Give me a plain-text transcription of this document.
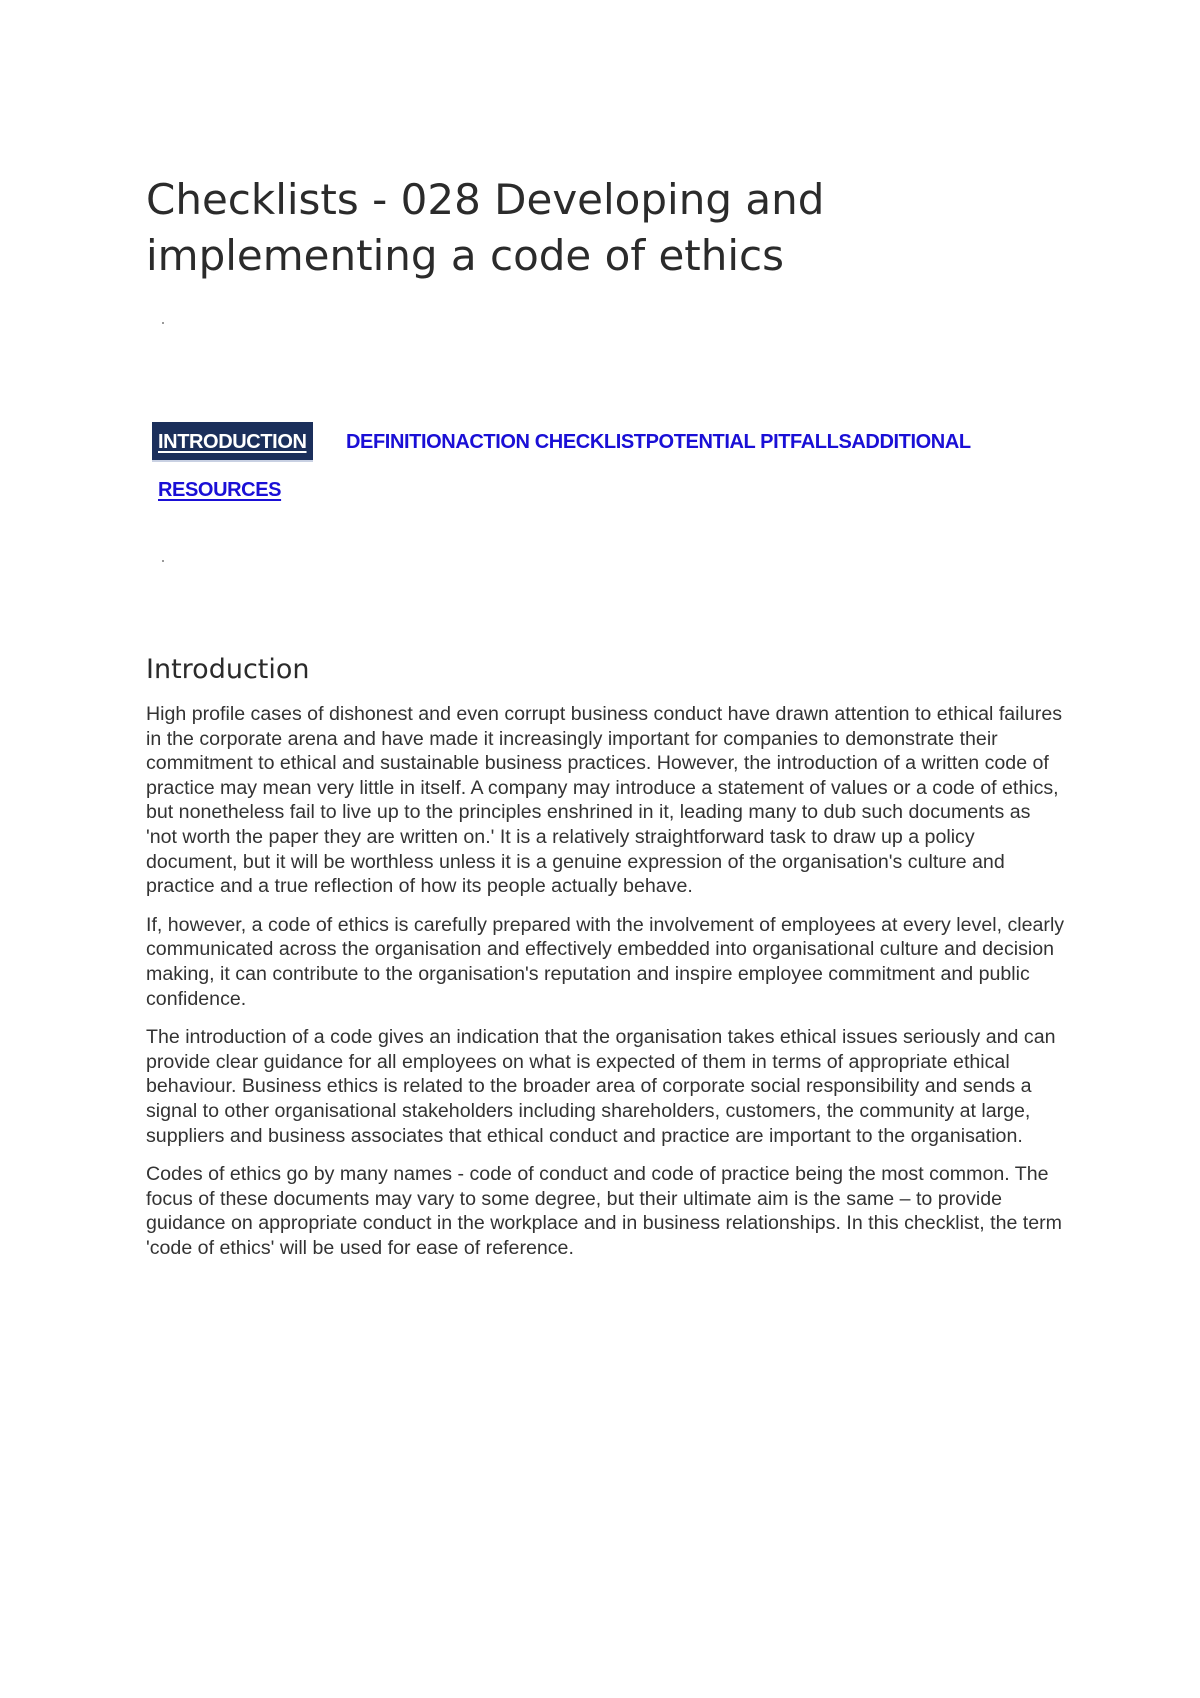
Checklists - 028 Developing and implementing a code of ethics
INTRODUCTION	DEFINITIONACTION CHECKLISTPOTENTIAL PITFALLSADDITIONAL
RESOURCES
Introduction

High profile cases of dishonest and even corrupt business conduct have drawn attention to ethical failures in the corporate arena and have made it increasingly important for companies to demonstrate their commitment to ethical and sustainable business practices. However, the introduction of a written code of practice may mean very little in itself. A company may introduce a statement of values or a code of ethics, but nonetheless fail to live up to the principles enshrined in it, leading many to dub such documents as 'not worth the paper they are written on.' It is a relatively straightforward task to draw up a policy document, but it will be worthless unless it is a genuine expression of the organisation's culture and practice and a true reflection of how its people actually behave.

If, however, a code of ethics is carefully prepared with the involvement of employees at every level, clearly communicated across the organisation and effectively embedded into organisational culture and decision making, it can contribute to the organisation's reputation and inspire employee commitment and public confidence.

The introduction of a code gives an indication that the organisation takes ethical issues seriously and can provide clear guidance for all employees on what is expected of them in terms of appropriate ethical behaviour. Business ethics is related to the broader area of corporate social responsibility and sends a signal to other organisational stakeholders including shareholders, customers, the community at large, suppliers and business associates that ethical conduct and practice are important to the organisation.

Codes of ethics go by many names - code of conduct and code of practice being the most common. The focus of these documents may vary to some degree, but their ultimate aim is the same – to provide guidance on appropriate conduct in the workplace and in business relationships. In this checklist, the term 'code of ethics' will be used for ease of reference.
